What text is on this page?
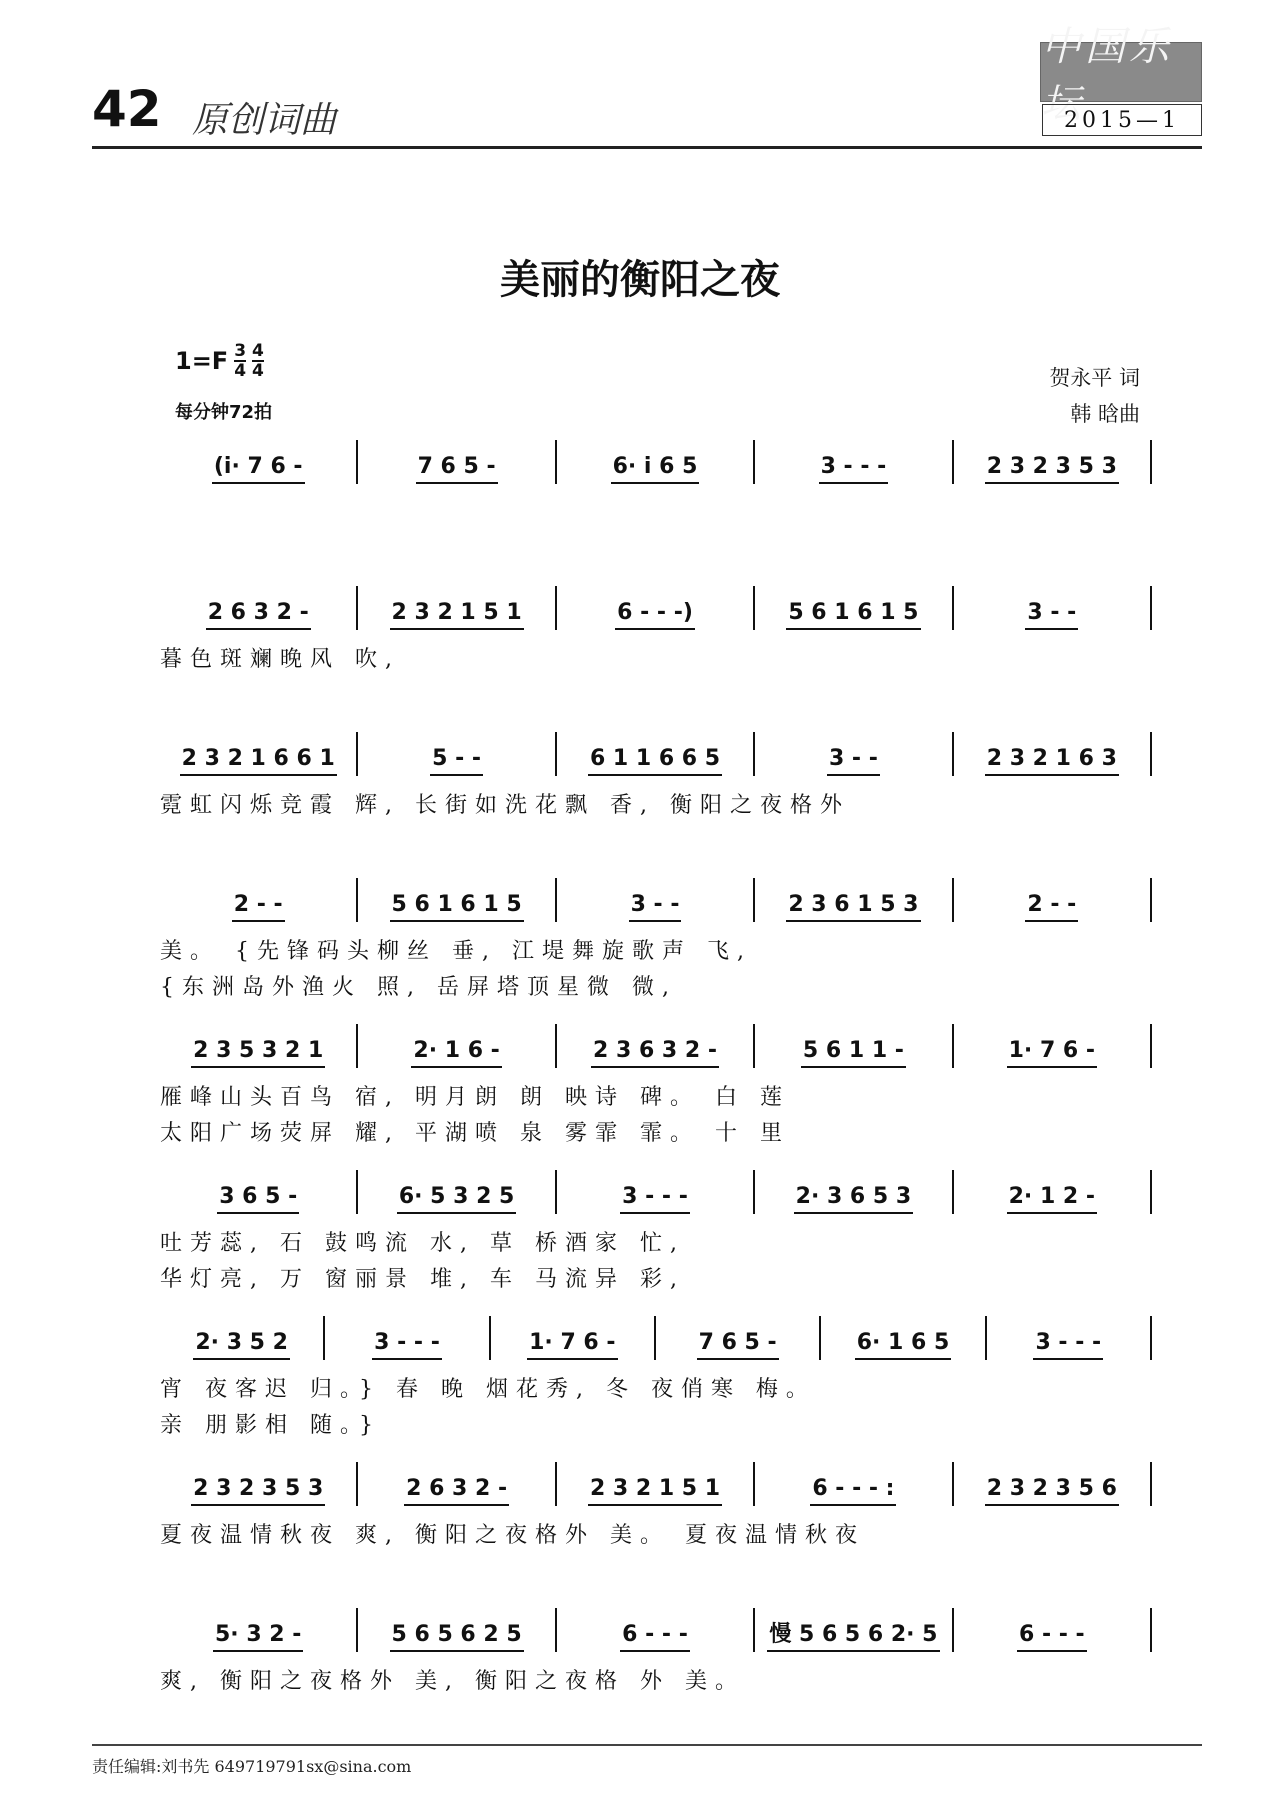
42 原创词曲
中国乐坛
2015—1
美丽的衡阳之夜
$1=F \frac{3}{4} \frac{4}{4}$
每分钟72拍
贺永平 词
韩 晗曲
(i· 7 6 -	7 6 5 -	6· i 6 5	3 - - -	2 3 2 3 5 3
2 6 3 2 -	2 3 2 1 5 1	6 - - -)	5 6 1 6 1 5	3 - -
暮色斑斓晚风 吹,
2 3 2 1 6 6 1	5 - -	6 1 1 6 6 5	3 - -	2 3 2 1 6 3
霓虹闪烁竞霞 辉, 长街如洗花飘 香, 衡阳之夜格外
2 - -	5 6 1 6 1 5	3 - -	2 3 6 1 5 3	2 - -
美。 {先锋码头柳丝 垂, 江堤舞旋歌声 飞,
{东洲岛外渔火 照, 岳屏塔顶星微 微,
2 3 5 3 2 1	2· 1 6 -	2 3 6 3 2 -	5 6 1 1 -	1· 7 6 -
雁峰山头百鸟 宿, 明月朗 朗 映诗 碑。 白 莲
太阳广场荧屏 耀, 平湖喷 泉 雾霏 霏。 十 里
3 6 5 -	6· 5 3 2 5	3 - - -	2· 3 6 5 3	2· 1 2 -
吐芳蕊, 石 鼓鸣流 水, 草 桥酒家 忙,
华灯亮, 万 窗丽景 堆, 车 马流异 彩,
2· 3 5 2	3 - - -	1· 7 6 -	7 6 5 -	6· 1 6 5	3 - - -
宵 夜客迟 归。} 春 晚 烟花秀, 冬 夜俏寒 梅。
亲 朋影相 随。}
2 3 2 3 5 3	2 6 3 2 -	2 3 2 1 5 1	6 - - - :	2 3 2 3 5 6
夏夜温情秋夜 爽, 衡阳之夜格外 美。 夏夜温情秋夜
5· 3 2 -	5 6 5 6 2 5	6 - - -	慢 5 6 5 6 2· 5	6 - - -
爽, 衡阳之夜格外 美, 衡阳之夜格 外 美。
责任编辑:刘书先 649719791sx@sina.com
